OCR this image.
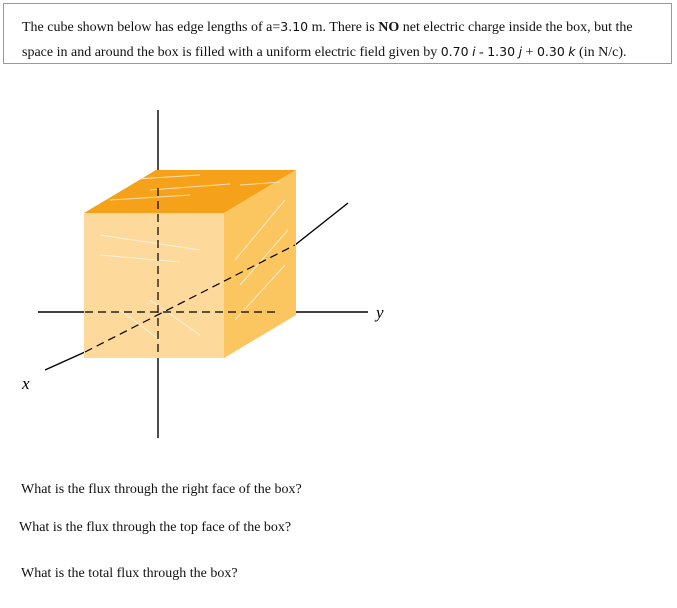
The cube shown below has edge lengths of a=3.10 m. There is NO net electric charge inside the box, but the
space in and around the box is filled with a uniform electric field given by 0.70 i - 1.30 j + 0.30 k (in N/c).
y
x
What is the flux through the right face of the box?
What is the flux through the top face of the box?
What is the total flux through the box?
